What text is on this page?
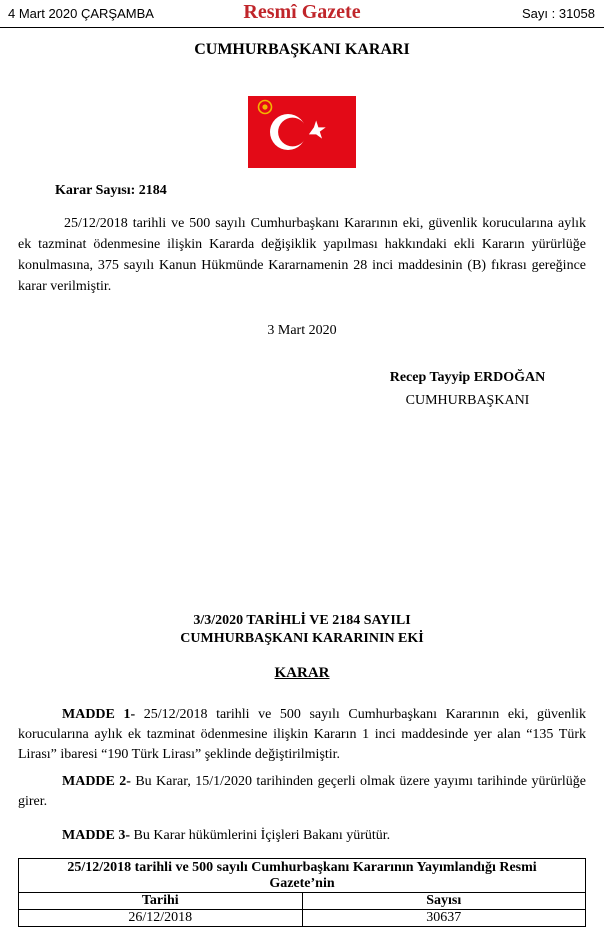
4 Mart 2020 ÇARŞAMBA	Resmî Gazete	Sayı : 31058
CUMHURBAŞKANI KARARI
Karar Sayısı: 2184
25/12/2018 tarihli ve 500 sayılı Cumhurbaşkanı Kararının eki, güvenlik korucularına aylık ek tazminat ödenmesine ilişkin Kararda değişiklik yapılması hakkındaki ekli Kararın yürürlüğe konulmasına, 375 sayılı Kanun Hükmünde Kararnamenin 28 inci maddesinin (B) fıkrası gereğince karar verilmiştir.
3 Mart 2020
Recep Tayyip ERDOĞAN
CUMHURBAŞKANI
3/3/2020 TARİHLİ VE 2184 SAYILI
CUMHURBAŞKANI KARARININ EKİ
KARAR
MADDE 1- 25/12/2018 tarihli ve 500 sayılı Cumhurbaşkanı Kararının eki, güvenlik korucularına aylık ek tazminat ödenmesine ilişkin Kararın 1 inci maddesinde yer alan “135 Türk Lirası” ibaresi “190 Türk Lirası” şeklinde değiştirilmiştir.
MADDE 2- Bu Karar, 15/1/2020 tarihinden geçerli olmak üzere yayımı tarihinde yürürlüğe girer.
MADDE 3- Bu Karar hükümlerini İçişleri Bakanı yürütür.
25/12/2018 tarihli ve 500 sayılı Cumhurbaşkanı Kararının Yayımlandığı Resmi Gazete’nin	
Tarihi	Sayısı
26/12/2018	30637
